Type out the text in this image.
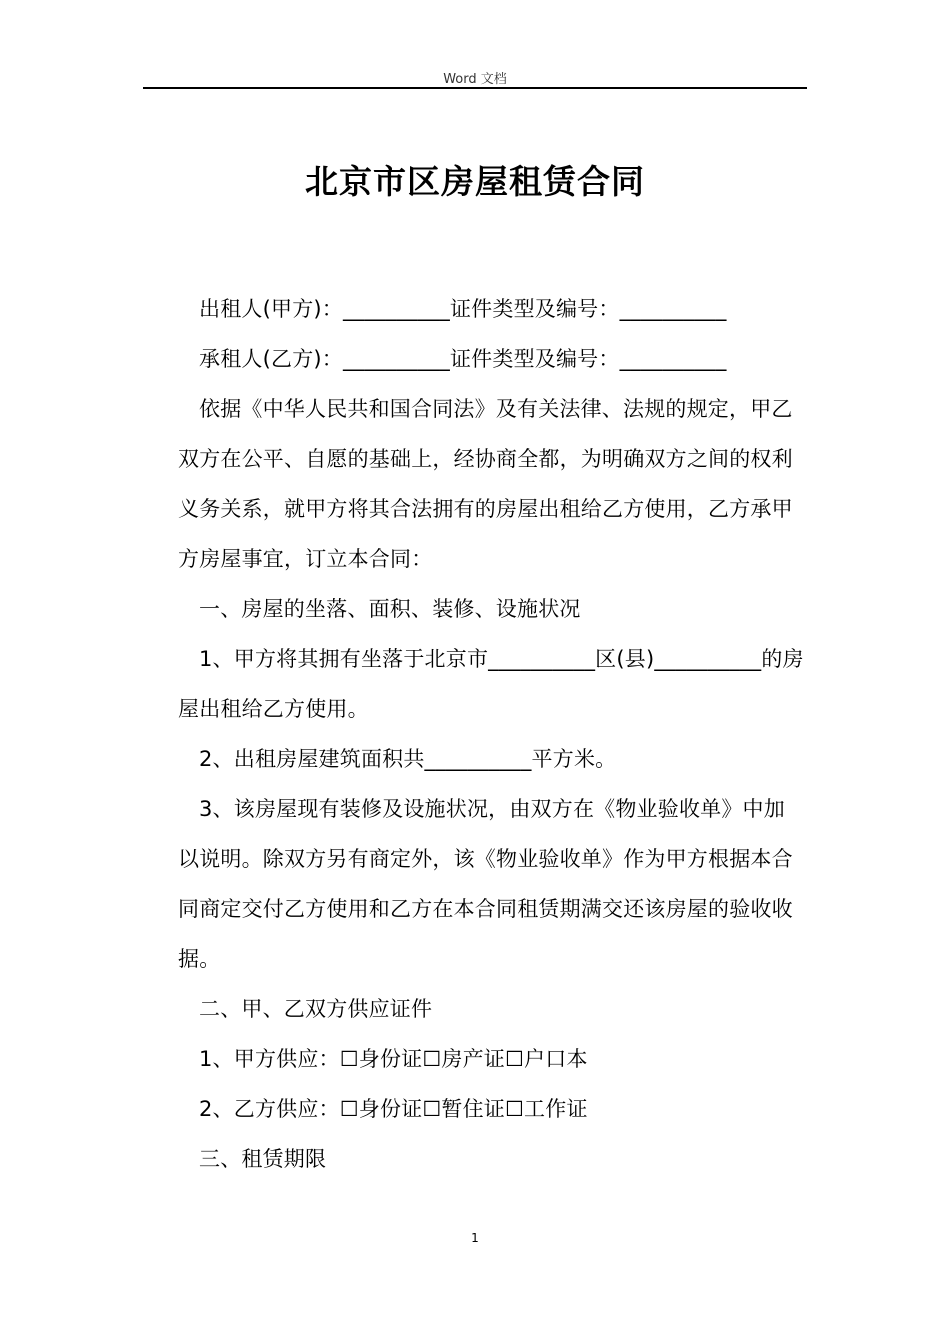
Word 文档
北京市区房屋租赁合同

出租人(甲方)：__________证件类型及编号：__________

承租人(乙方)：__________证件类型及编号：__________

依据《中华人民共和国合同法》及有关法律、法规的规定，甲乙双方在公平、自愿的基础上，经协商全都，为明确双方之间的权利义务关系，就甲方将其合法拥有的房屋出租给乙方使用，乙方承甲方房屋事宜，订立本合同：

一、房屋的坐落、面积、装修、设施状况

1、甲方将其拥有坐落于北京市__________区(县)__________的房屋出租给乙方使用。

2、出租房屋建筑面积共__________平方米。

3、该房屋现有装修及设施状况，由双方在《物业验收单》中加以说明。除双方另有商定外，该《物业验收单》作为甲方根据本合同商定交付乙方使用和乙方在本合同租赁期满交还该房屋的验收收据。

二、甲、乙双方供应证件

1、甲方供应：☐身份证☐房产证☐户口本

2、乙方供应：☐身份证☐暂住证☐工作证

三、租赁期限

1
